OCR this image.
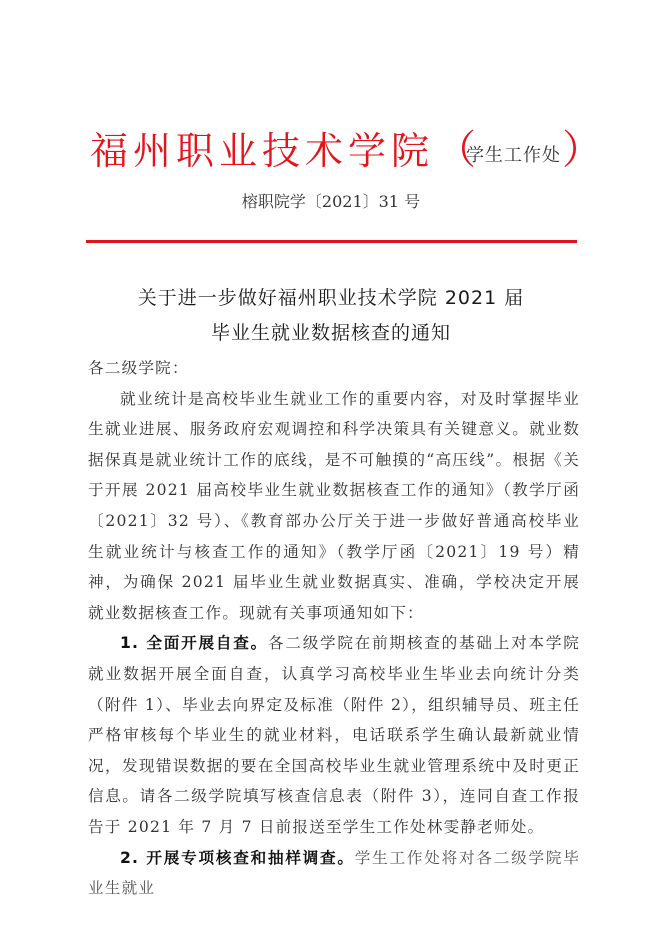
福州职业技术学院 （
学生工作处 ）
榕职院学〔2021〕31 号
关于进一步做好福州职业技术学院 2021 届
毕业生就业数据核查的通知

各二级学院：

就业统计是高校毕业生就业工作的重要内容，对及时掌握毕业生就业进展、服务政府宏观调控和科学决策具有关键意义。就业数据保真是就业统计工作的底线，是不可触摸的“高压线”。根据《关于开展 2021 届高校毕业生就业数据核查工作的通知》（教学厅函〔2021〕32 号）、《教育部办公厅关于进一步做好普通高校毕业生就业统计与核查工作的通知》（教学厅函〔2021〕19 号）精神，为确保 2021 届毕业生就业数据真实、准确，学校决定开展就业数据核查工作。现就有关事项通知如下：

1. 全面开展自查。各二级学院在前期核查的基础上对本学院就业数据开展全面自查，认真学习高校毕业生毕业去向统计分类（附件 1）、毕业去向界定及标准（附件 2），组织辅导员、班主任严格审核每个毕业生的就业材料，电话联系学生确认最新就业情况，发现错误数据的要在全国高校毕业生就业管理系统中及时更正信息。请各二级学院填写核查信息表（附件 3），连同自查工作报告于 2021 年 7 月 7 日前报送至学生工作处林雯静老师处。

2. 开展专项核查和抽样调查。学生工作处将对各二级学院毕业生就业
